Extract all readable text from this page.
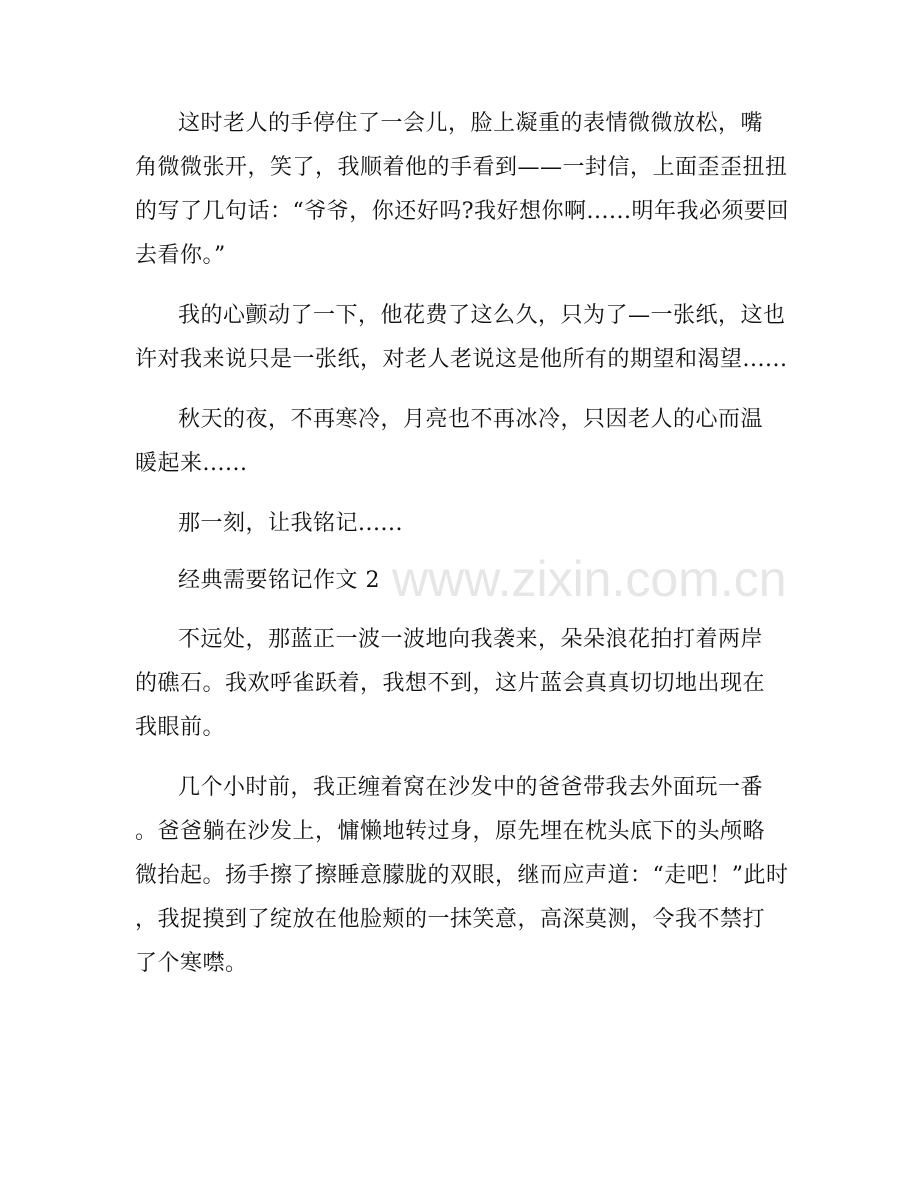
www.zixin.com.cn
这时老人的手停住了一会儿，脸上凝重的表情微微放松，嘴
角微微张开，笑了，我顺着他的手看到——一封信，上面歪歪扭扭
的写了几句话：“爷爷，你还好吗?我好想你啊......明年我必须要回
去看你。”
我的心颤动了一下，他花费了这么久，只为了—一张纸，这也
许对我来说只是一张纸，对老人老说这是他所有的期望和渴望......
秋天的夜，不再寒冷，月亮也不再冰冷，只因老人的心而温
暖起来......
那一刻，让我铭记......
经典需要铭记作文 2
不远处，那蓝正一波一波地向我袭来，朵朵浪花拍打着两岸
的礁石。我欢呼雀跃着，我想不到，这片蓝会真真切切地出现在
我眼前。
几个小时前，我正缠着窝在沙发中的爸爸带我去外面玩一番
。爸爸躺在沙发上，慵懒地转过身，原先埋在枕头底下的头颅略
微抬起。扬手擦了擦睡意朦胧的双眼，继而应声道：“走吧！”此时
，我捉摸到了绽放在他脸颊的一抹笑意，高深莫测，令我不禁打
了个寒噤。
